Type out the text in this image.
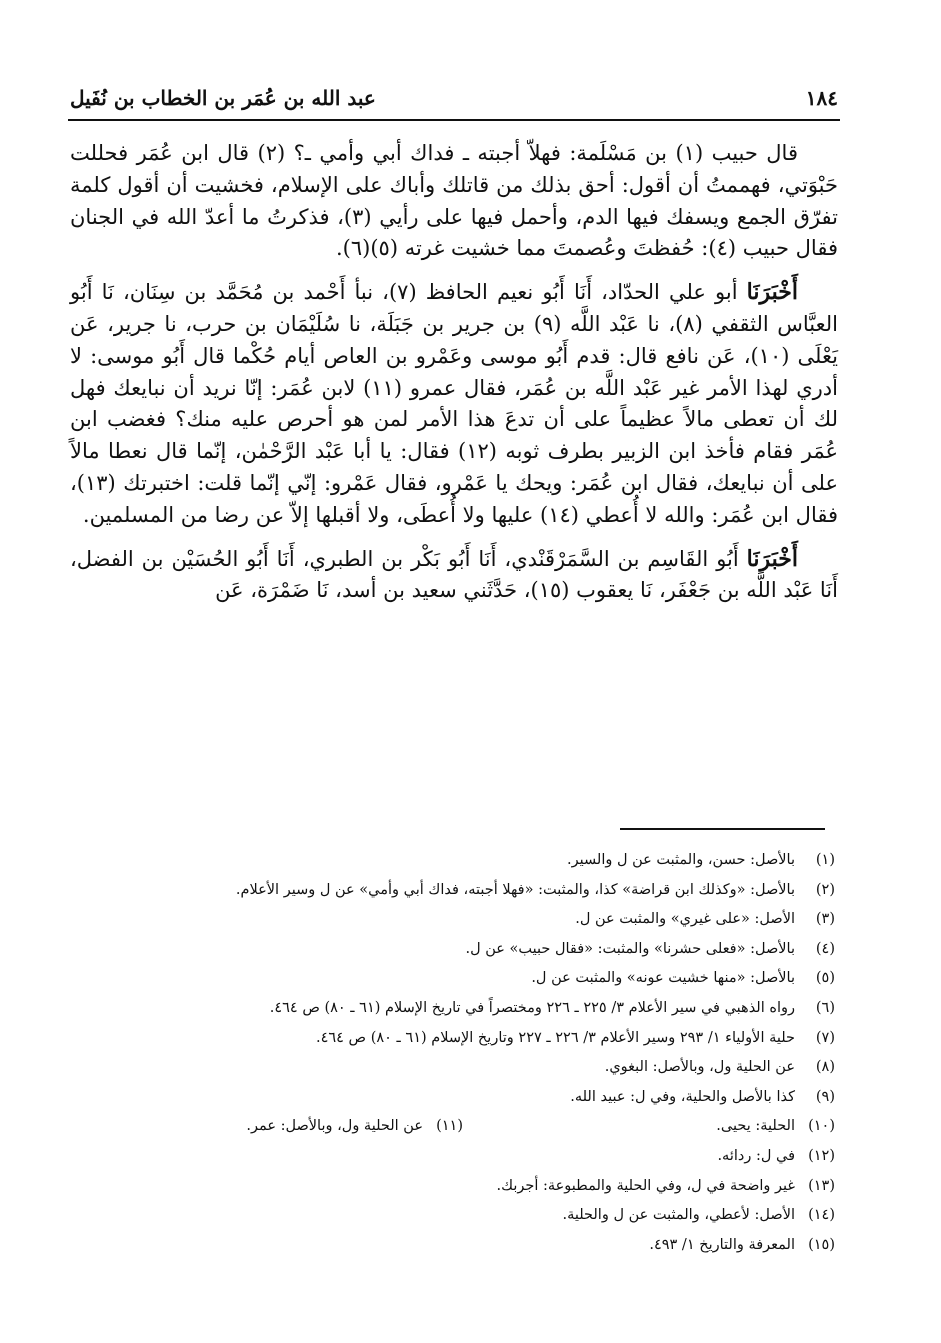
١٨٤
عبد الله بن عُمَر بن الخطاب بن نُفَيل

قال حبيب (١) بن مَسْلَمة: فهلاّ أجبته ـ فداك أبي وأمي ـ؟ (٢) قال ابن عُمَر فحللت حَبْوَتي، فهممتُ أن أقول: أحق بذلك من قاتلك وأباك على الإسلام، فخشيت أن أقول كلمة تفرّق الجمع ويسفك فيها الدم، وأحمل فيها على رأيي (٣)، فذكرتُ ما أعدّ الله في الجنان فقال حبيب (٤): حُفظتَ وعُصمتَ مما خشيت غرته (٥)(٦).

أَخْبَرَنَا أبو علي الحدّاد، أَنَا أَبُو نعيم الحافظ (٧)، نبأ أَحْمد بن مُحَمَّد بن سِنَان، نَا أَبُو العبَّاس الثقفي (٨)، نا عَبْد اللَّه (٩) بن جرير بن جَبَلَة، نا سُلَيْمَان بن حرب، نا جرير، عَن يَعْلَى (١٠)، عَن نافع قال: قدم أَبُو موسى وعَمْرو بن العاص أيام حُكْما قال أَبُو موسى: لا أدري لهذا الأمر غير عَبْد اللَّه بن عُمَر، فقال عمرو (١١) لابن عُمَر: إنّا نريد أن نبايعك فهل لك أن تعطى مالاً عظيماً على أن تدعَ هذا الأمر لمن هو أحرص عليه منك؟ فغضب ابن عُمَر فقام فأخذ ابن الزبير بطرف ثوبه (١٢) فقال: يا أبا عَبْد الرَّحْمٰن، إنّما قال نعطا مالاً على أن نبايعك، فقال ابن عُمَر: ويحك يا عَمْرو، فقال عَمْرو: إنّي إنّما قلت: اختبرتك (١٣)، فقال ابن عُمَر: والله لا أُعطي (١٤) عليها ولا أُعطَى، ولا أقبلها إلاّ عن رضا من المسلمين.

أَخْبَرَنَا أَبُو القَاسِم بن السَّمَرْقَنْدي، أَنَا أَبُو بَكْر بن الطبري، أَنَا أَبُو الحُسَيْن بن الفضل، أَنَا عَبْد اللَّه بن جَعْفَر، نَا يعقوب (١٥)، حَدَّثَني سعيد بن أسد، نَا ضَمْرَة، عَن

(١)
بالأصل: حسن، والمثبت عن ل والسير.
(٢)
بالأصل: «وكذلك ابن قراضة» كذا، والمثبت: «فهلا أجبته، فداك أبي وأمي» عن ل وسير الأعلام.
(٣)
الأصل: «على غيري» والمثبت عن ل.
(٤)
بالأصل: «فعلى حشرنا» والمثبت: «فقال حبيب» عن ل.
(٥)
بالأصل: «منها خشيت عونه» والمثبت عن ل.
(٦)
رواه الذهبي في سير الأعلام ٣/ ٢٢٥ ـ ٢٢٦ ومختصراً في تاريخ الإسلام (٦١ ـ ٨٠) ص ٤٦٤.
(٧)
حلية الأولياء ١/ ٢٩٣ وسير الأعلام ٣/ ٢٢٦ ـ ٢٢٧ وتاريخ الإسلام (٦١ ـ ٨٠) ص ٤٦٤.
(٨)
عن الحلية ول، وبالأصل: البغوي.
(٩)
كذا بالأصل والحلية، وفي ل: عبيد الله.
(١٠)
الحلية: يحيى.
(١١)
عن الحلية ول، وبالأصل: عمر.
(١٢)
في ل: ردائه.
(١٣)
غير واضحة في ل، وفي الحلية والمطبوعة: أجربك.
(١٤)
الأصل: لأعطي، والمثبت عن ل والحلية.
(١٥)
المعرفة والتاريخ ١/ ٤٩٣.
